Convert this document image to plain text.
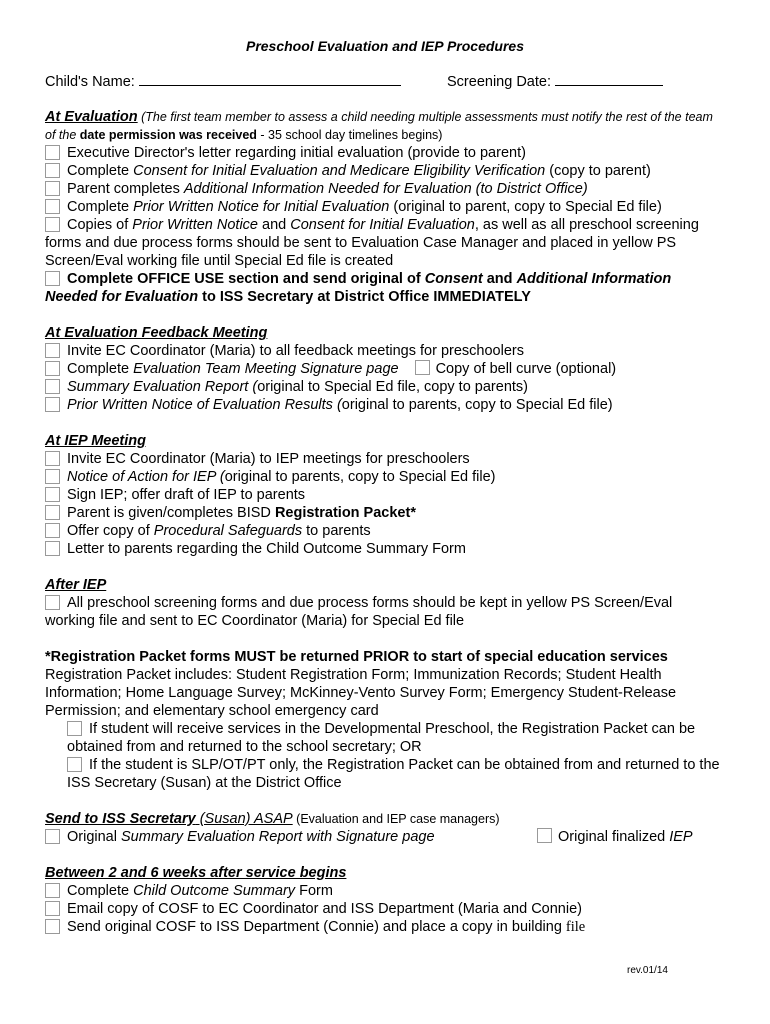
Preschool Evaluation and IEP Procedures
Child's Name:	Screening Date:
At Evaluation (The first team member to assess a child needing multiple assessments must notify the rest of the team of the date permission was received - 35 school day timelines begins)
Executive Director's letter regarding initial evaluation (provide to parent)
Complete Consent for Initial Evaluation and Medicare Eligibility Verification (copy to parent)
Parent completes Additional Information Needed for Evaluation (to District Office)
Complete Prior Written Notice for Initial Evaluation (original to parent, copy to Special Ed file)
Copies of Prior Written Notice and Consent for Initial Evaluation, as well as all preschool screening forms and due process forms should be sent to Evaluation Case Manager and placed in yellow PS Screen/Eval working file until Special Ed file is created
Complete OFFICE USE section and send original of Consent and Additional Information Needed for Evaluation to ISS Secretary at District Office IMMEDIATELY
At Evaluation Feedback Meeting
Invite EC Coordinator (Maria) to all feedback meetings for preschoolers
Complete Evaluation Team Meeting Signature page	Copy of bell curve (optional)
Summary Evaluation Report (original to Special Ed file, copy to parents)
Prior Written Notice of Evaluation Results (original to parents, copy to Special Ed file)
At IEP Meeting
Invite EC Coordinator (Maria) to IEP meetings for preschoolers
Notice of Action for IEP (original to parents, copy to Special Ed file)
Sign IEP; offer draft of IEP to parents
Parent is given/completes BISD Registration Packet*
Offer copy of Procedural Safeguards to parents
Letter to parents regarding the Child Outcome Summary Form
After IEP
All preschool screening forms and due process forms should be kept in yellow PS Screen/Eval working file and sent to EC Coordinator (Maria) for Special Ed file
*Registration Packet forms MUST be returned PRIOR to start of special education services
Registration Packet includes: Student Registration Form; Immunization Records; Student Health Information; Home Language Survey; McKinney-Vento Survey Form; Emergency Student-Release Permission; and elementary school emergency card
If student will receive services in the Developmental Preschool, the Registration Packet can be obtained from and returned to the school secretary; OR
If the student is SLP/OT/PT only, the Registration Packet can be obtained from and returned to the ISS Secretary (Susan) at the District Office
Send to ISS Secretary (Susan) ASAP (Evaluation and IEP case managers)
Original Summary Evaluation Report with Signature page	Original finalized IEP
Between 2 and 6 weeks after service begins
Complete Child Outcome Summary Form
Email copy of COSF to EC Coordinator and ISS Department (Maria and Connie)
Send original COSF to ISS Department (Connie) and place a copy in building file
rev.01/14
